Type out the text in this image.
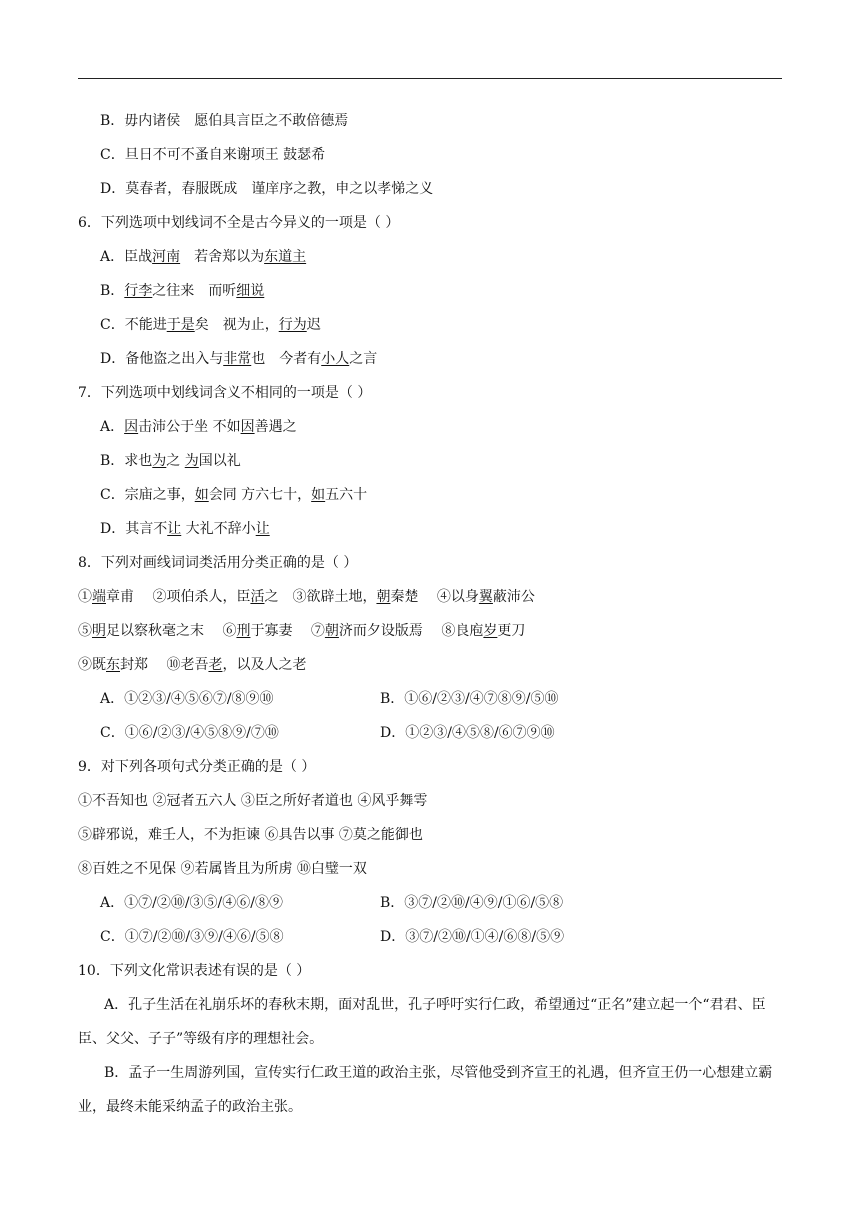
B．毋内诸侯　愿伯具言臣之不敢倍德焉
C．旦日不可不蚤自来谢项王 鼓瑟希
D．莫春者，春服既成　谨庠序之教，申之以孝悌之义
6．下列选项中划线词不全是古今异义的一项是（ ）
A．臣战河南　若舍郑以为东道主
B．行李之往来　而听细说
C．不能进于是矣　视为止，行为迟
D．备他盗之出入与非常也　今者有小人之言
7．下列选项中划线词含义不相同的一项是（ ）
A．因击沛公于坐 不如因善遇之
B．求也为之 为国以礼
C．宗庙之事，如会同 方六七十，如五六十
D．其言不让 大礼不辞小让
8．下列对画线词词类活用分类正确的是（ ）
①端章甫　 ②项伯杀人，臣活之　③欲辟土地，朝秦楚　 ④以身翼蔽沛公
⑤明足以察秋毫之末　 ⑥刑于寡妻　 ⑦朝济而夕设版焉　 ⑧良庖岁更刀
⑨既东封郑　 ⑩老吾老，以及人之老
A．①②③/④⑤⑥⑦/⑧⑨⑩	B．①⑥/②③/④⑦⑧⑨/⑤⑩
C．①⑥/②③/④⑤⑧⑨/⑦⑩	D．①②③/④⑤⑧/⑥⑦⑨⑩
9．对下列各项句式分类正确的是（ ）
①不吾知也 ②冠者五六人 ③臣之所好者道也 ④风乎舞雩
⑤辟邪说，难壬人，不为拒谏 ⑥具告以事 ⑦莫之能御也
⑧百姓之不见保 ⑨若属皆且为所虏 ⑩白璧一双
A．①⑦/②⑩/③⑤/④⑥/⑧⑨	B．③⑦/②⑩/④⑨/①⑥/⑤⑧
C．①⑦/②⑩/③⑨/④⑥/⑤⑧	D．③⑦/②⑩/①④/⑥⑧/⑤⑨
10．下列文化常识表述有误的是（ ）
A．孔子生活在礼崩乐坏的春秋末期，面对乱世，孔子呼吁实行仁政，希望通过“正名”建立起一个“君君、臣臣、父父、子子”等级有序的理想社会。
B．孟子一生周游列国，宣传实行仁政王道的政治主张，尽管他受到齐宣王的礼遇，但齐宣王仍一心想建立霸业，最终未能采纳孟子的政治主张。
